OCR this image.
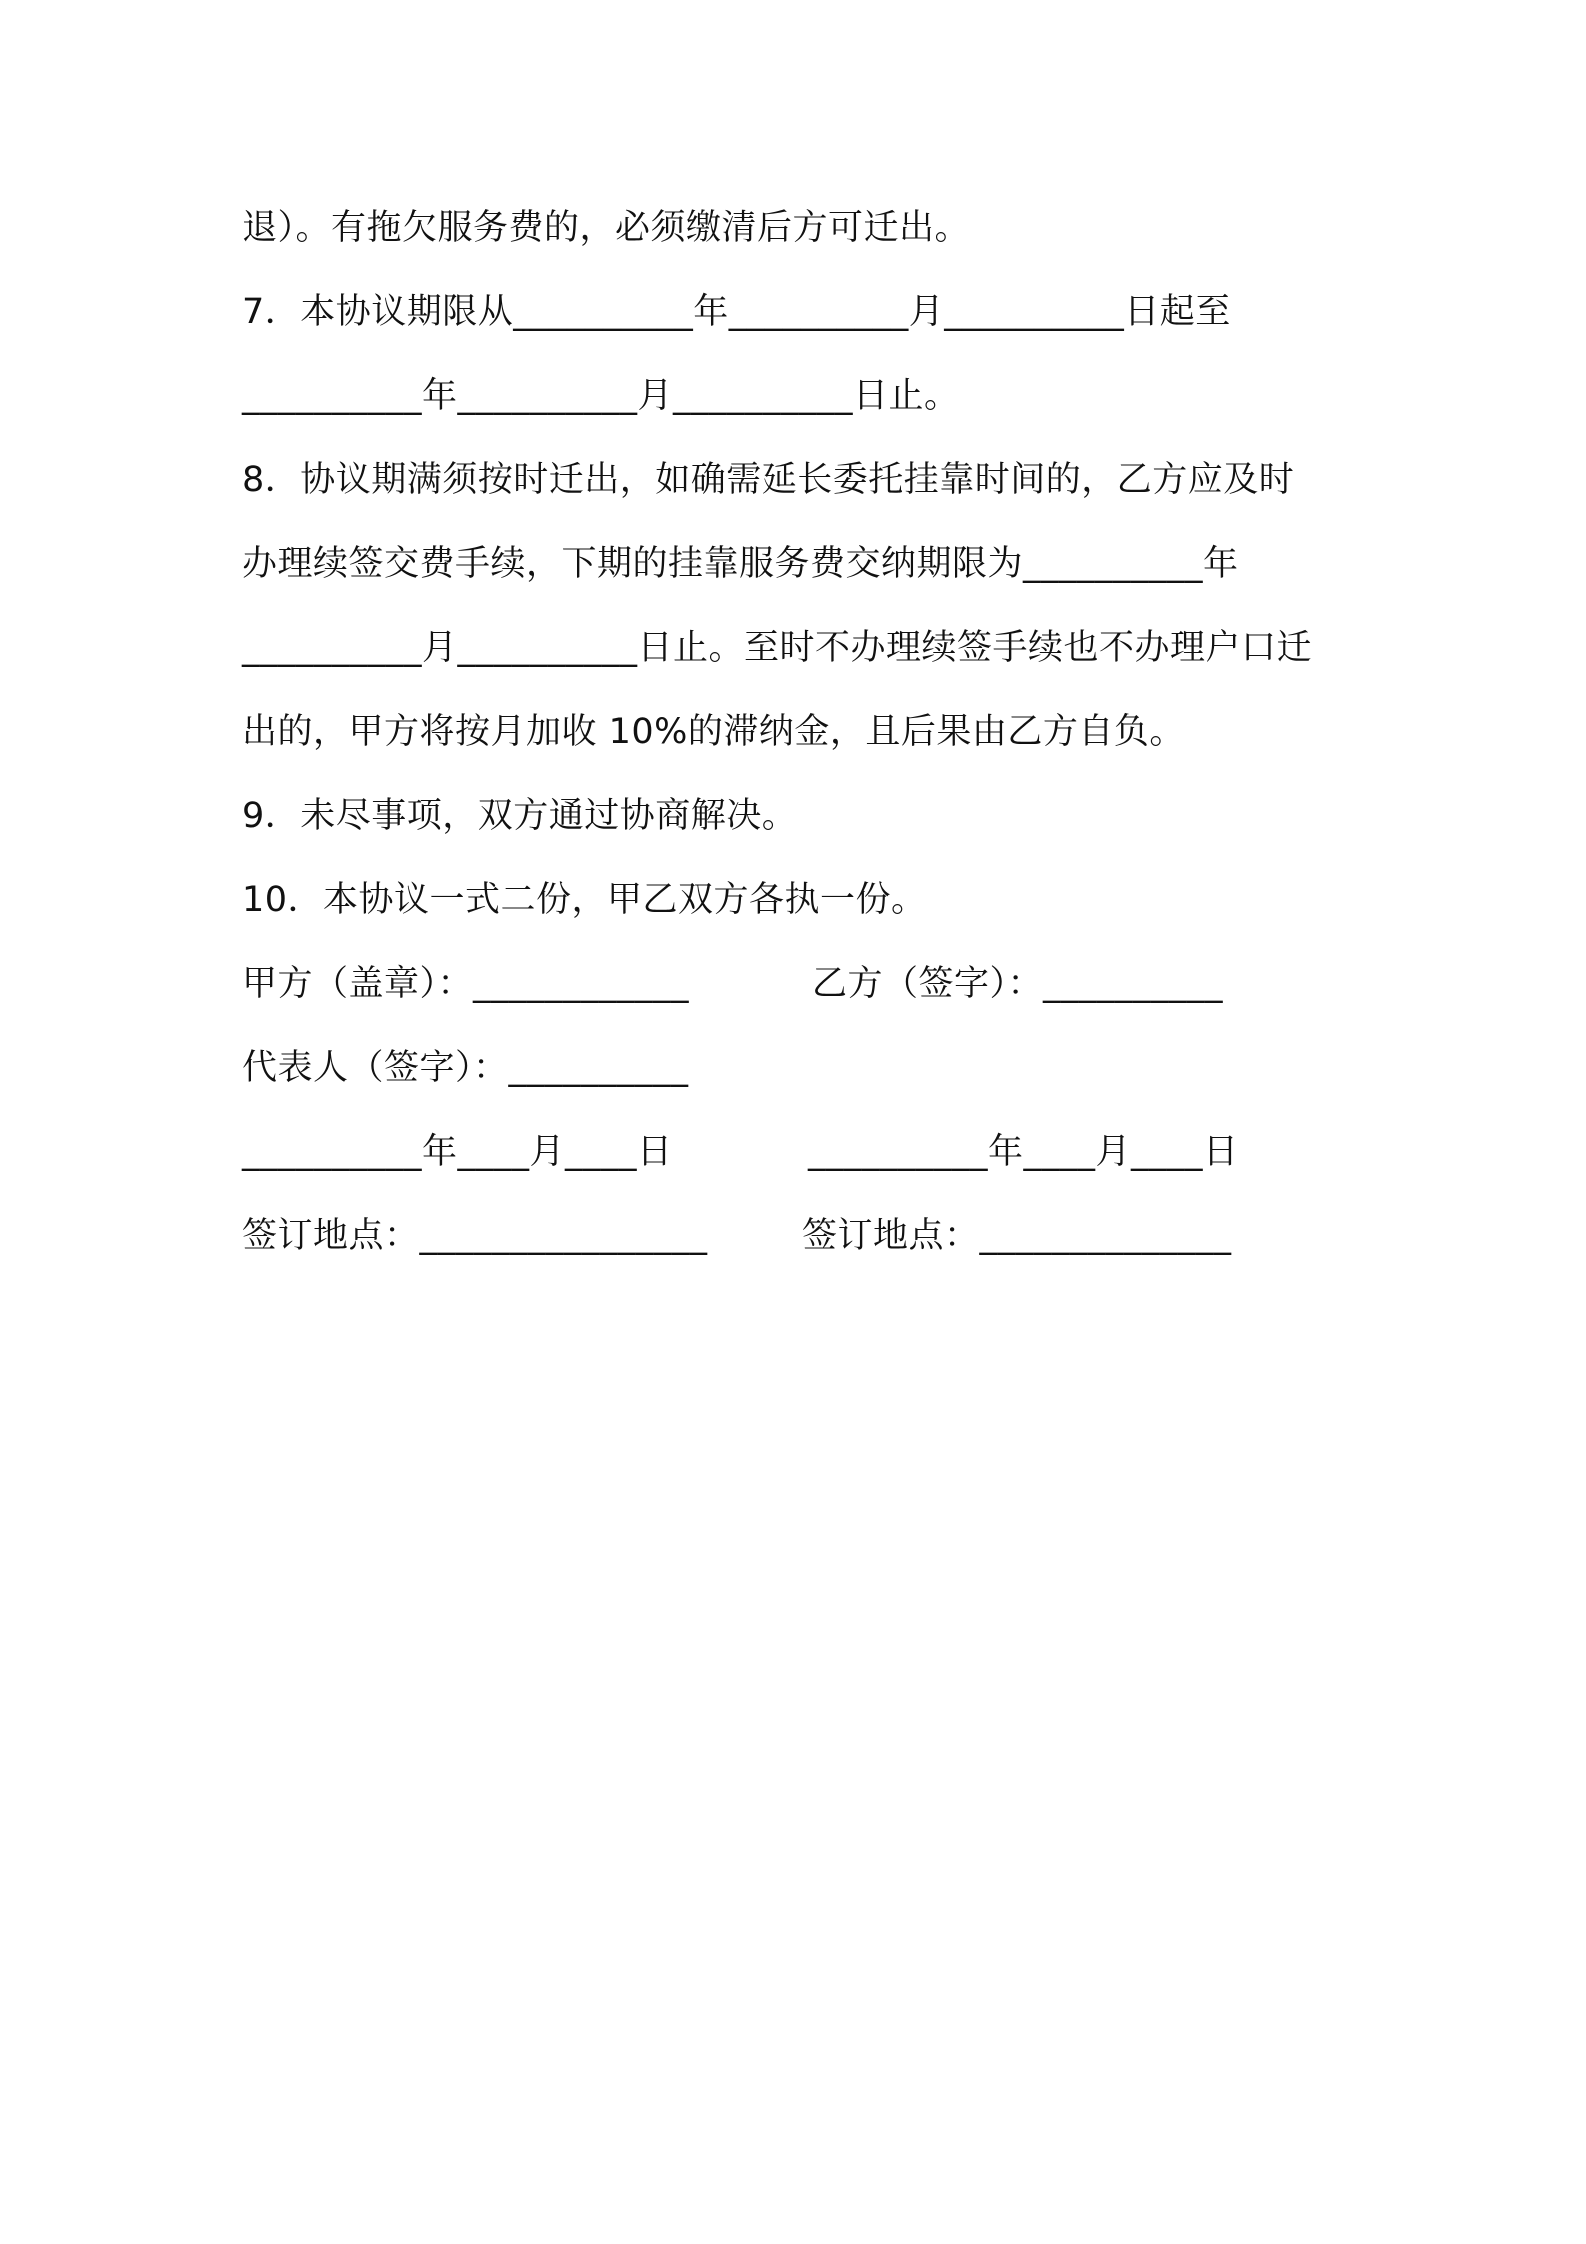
退）。有拖欠服务费的，必须缴清后方可迁出。
7．本协议期限从__________年__________月__________日起至
__________年__________月__________日止。
8．协议期满须按时迁出，如确需延长委托挂靠时间的，乙方应及时
办理续签交费手续，下期的挂靠服务费交纳期限为__________年
__________月__________日止。至时不办理续签手续也不办理户口迁
出的，甲方将按月加收 10%的滞纳金，且后果由乙方自负。
9．未尽事项，双方通过协商解决。
10．本协议一式二份，甲乙双方各执一份。
甲方（盖章）：____________	乙方（签字）：__________
代表人（签字）：__________
__________年____月____日	__________年____月____日
签订地点：________________	签订地点：______________
